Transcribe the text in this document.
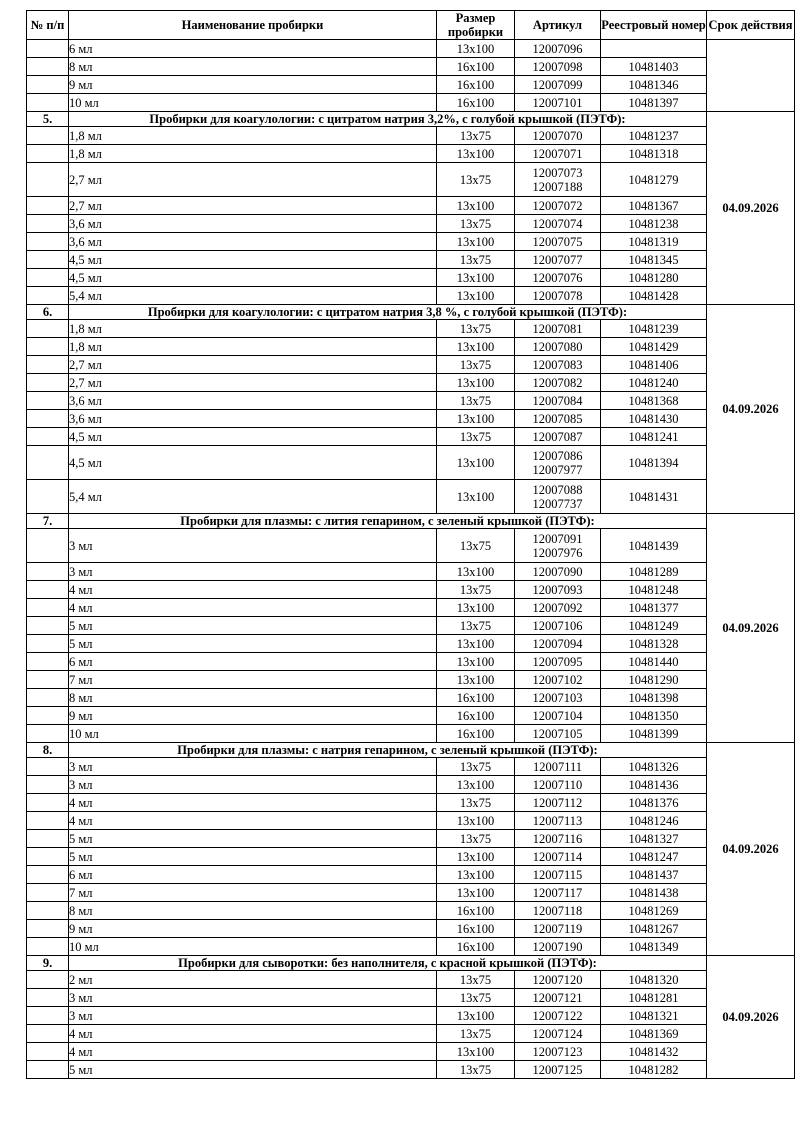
№ п/п	Наименование пробирки	Размер пробирки	Артикул	Реестровый номер	Срок действия
	6 мл	13x100	12007096		
	8 мл	16x100	12007098	10481403	
	9 мл	16x100	12007099	10481346	
	10 мл	16x100	12007101	10481397	
5.	Пробирки для коагулологии: с цитратом натрия 3,2%, с голубой крышкой (ПЭТФ):				04.09.2026
	1,8 мл	13x75	12007070	10481237	
	1,8 мл	13x100	12007071	10481318	
	2,7 мл	13x75	12007073
12007188	10481279	
	2,7 мл	13x100	12007072	10481367	
	3,6 мл	13x75	12007074	10481238	
	3,6 мл	13x100	12007075	10481319	
	4,5 мл	13x75	12007077	10481345	
	4,5 мл	13x100	12007076	10481280	
	5,4 мл	13x100	12007078	10481428	
6.	Пробирки для коагулологии: с цитратом натрия 3,8 %, с голубой крышкой (ПЭТФ):				04.09.2026
	1,8 мл	13x75	12007081	10481239	
	1,8 мл	13x100	12007080	10481429	
	2,7 мл	13x75	12007083	10481406	
	2,7 мл	13x100	12007082	10481240	
	3,6 мл	13x75	12007084	10481368	
	3,6 мл	13x100	12007085	10481430	
	4,5 мл	13x75	12007087	10481241	
	4,5 мл	13x100	12007086
12007977	10481394	
	5,4 мл	13x100	12007088
12007737	10481431	
7.	Пробирки для плазмы: с лития гепарином, с зеленый крышкой (ПЭТФ):				04.09.2026
	3 мл	13x75	12007091
12007976	10481439	
	3 мл	13x100	12007090	10481289	
	4 мл	13x75	12007093	10481248	
	4 мл	13x100	12007092	10481377	
	5 мл	13x75	12007106	10481249	
	5 мл	13x100	12007094	10481328	
	6 мл	13x100	12007095	10481440	
	7 мл	13x100	12007102	10481290	
	8 мл	16x100	12007103	10481398	
	9 мл	16x100	12007104	10481350	
	10 мл	16x100	12007105	10481399	
8.	Пробирки для плазмы: с натрия гепарином, с зеленый крышкой (ПЭТФ):				04.09.2026
	3 мл	13x75	12007111	10481326	
	3 мл	13x100	12007110	10481436	
	4 мл	13x75	12007112	10481376	
	4 мл	13x100	12007113	10481246	
	5 мл	13x75	12007116	10481327	
	5 мл	13x100	12007114	10481247	
	6 мл	13x100	12007115	10481437	
	7 мл	13x100	12007117	10481438	
	8 мл	16x100	12007118	10481269	
	9 мл	16x100	12007119	10481267	
	10 мл	16x100	12007190	10481349	
9.	Пробирки для сыворотки: без наполнителя, с красной крышкой (ПЭТФ):				04.09.2026
	2 мл	13x75	12007120	10481320	
	3 мл	13x75	12007121	10481281	
	3 мл	13x100	12007122	10481321	
	4 мл	13x75	12007124	10481369	
	4 мл	13x100	12007123	10481432	
	5 мл	13x75	12007125	10481282	
